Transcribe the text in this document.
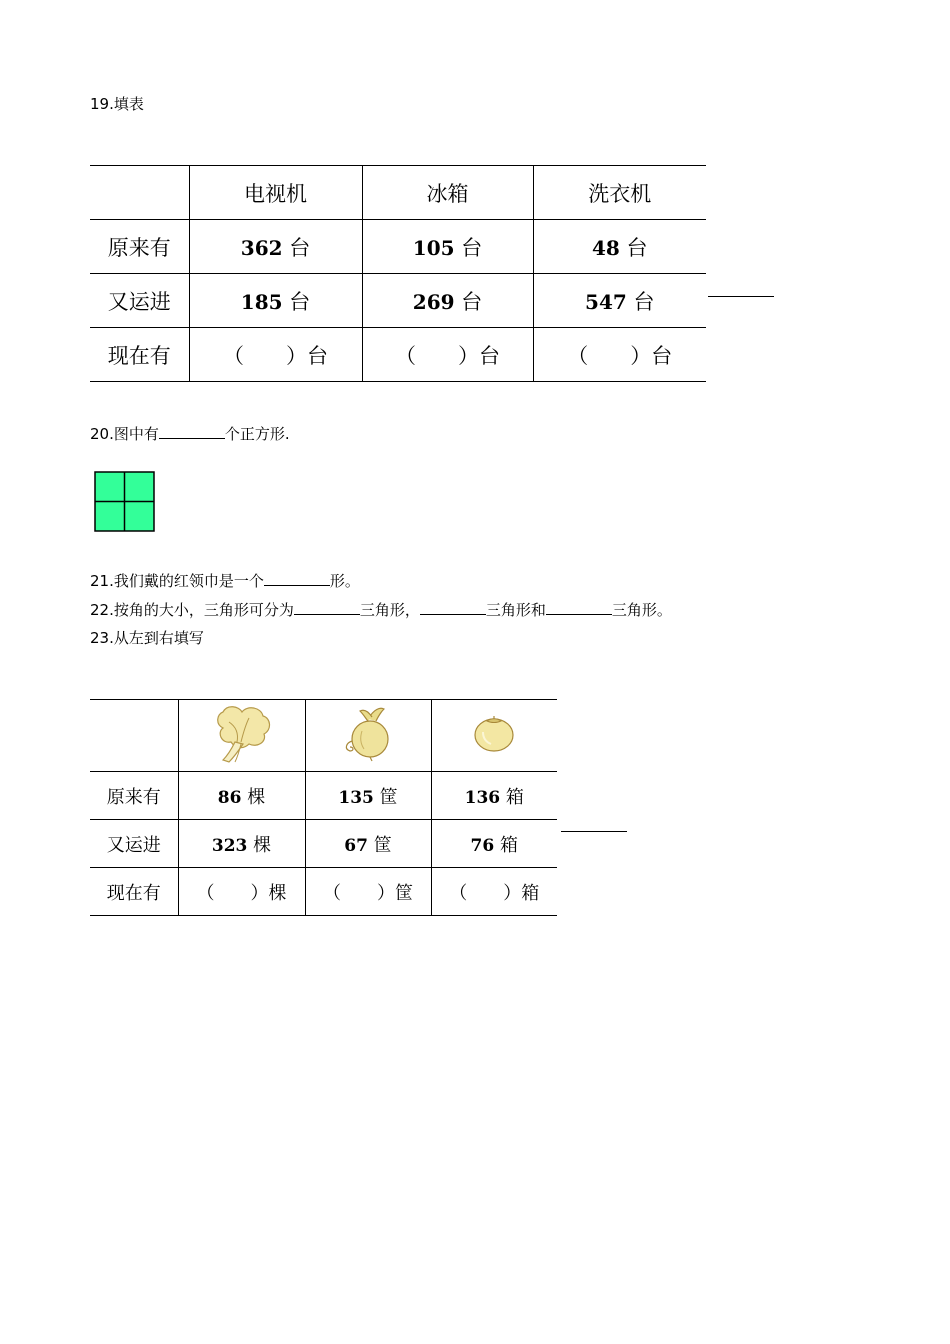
19.填表
	电视机	冰箱	洗衣机
原来有	362 台	105 台	48 台
又运进	185 台	269 台	547 台
现在有	（　　）台	（　　）台	（　　）台
20.图中有	个正方形.
21.我们戴的红领巾是一个	形。
22.按角的大小，三角形可分为	三角形，	三角形和	三角形。
23.从左到右填写

原来有	86 棵	135 筐	136 箱
又运进	323 棵	67 筐	76 箱
现在有	（　　）棵	（　　）筐	（　　）箱
